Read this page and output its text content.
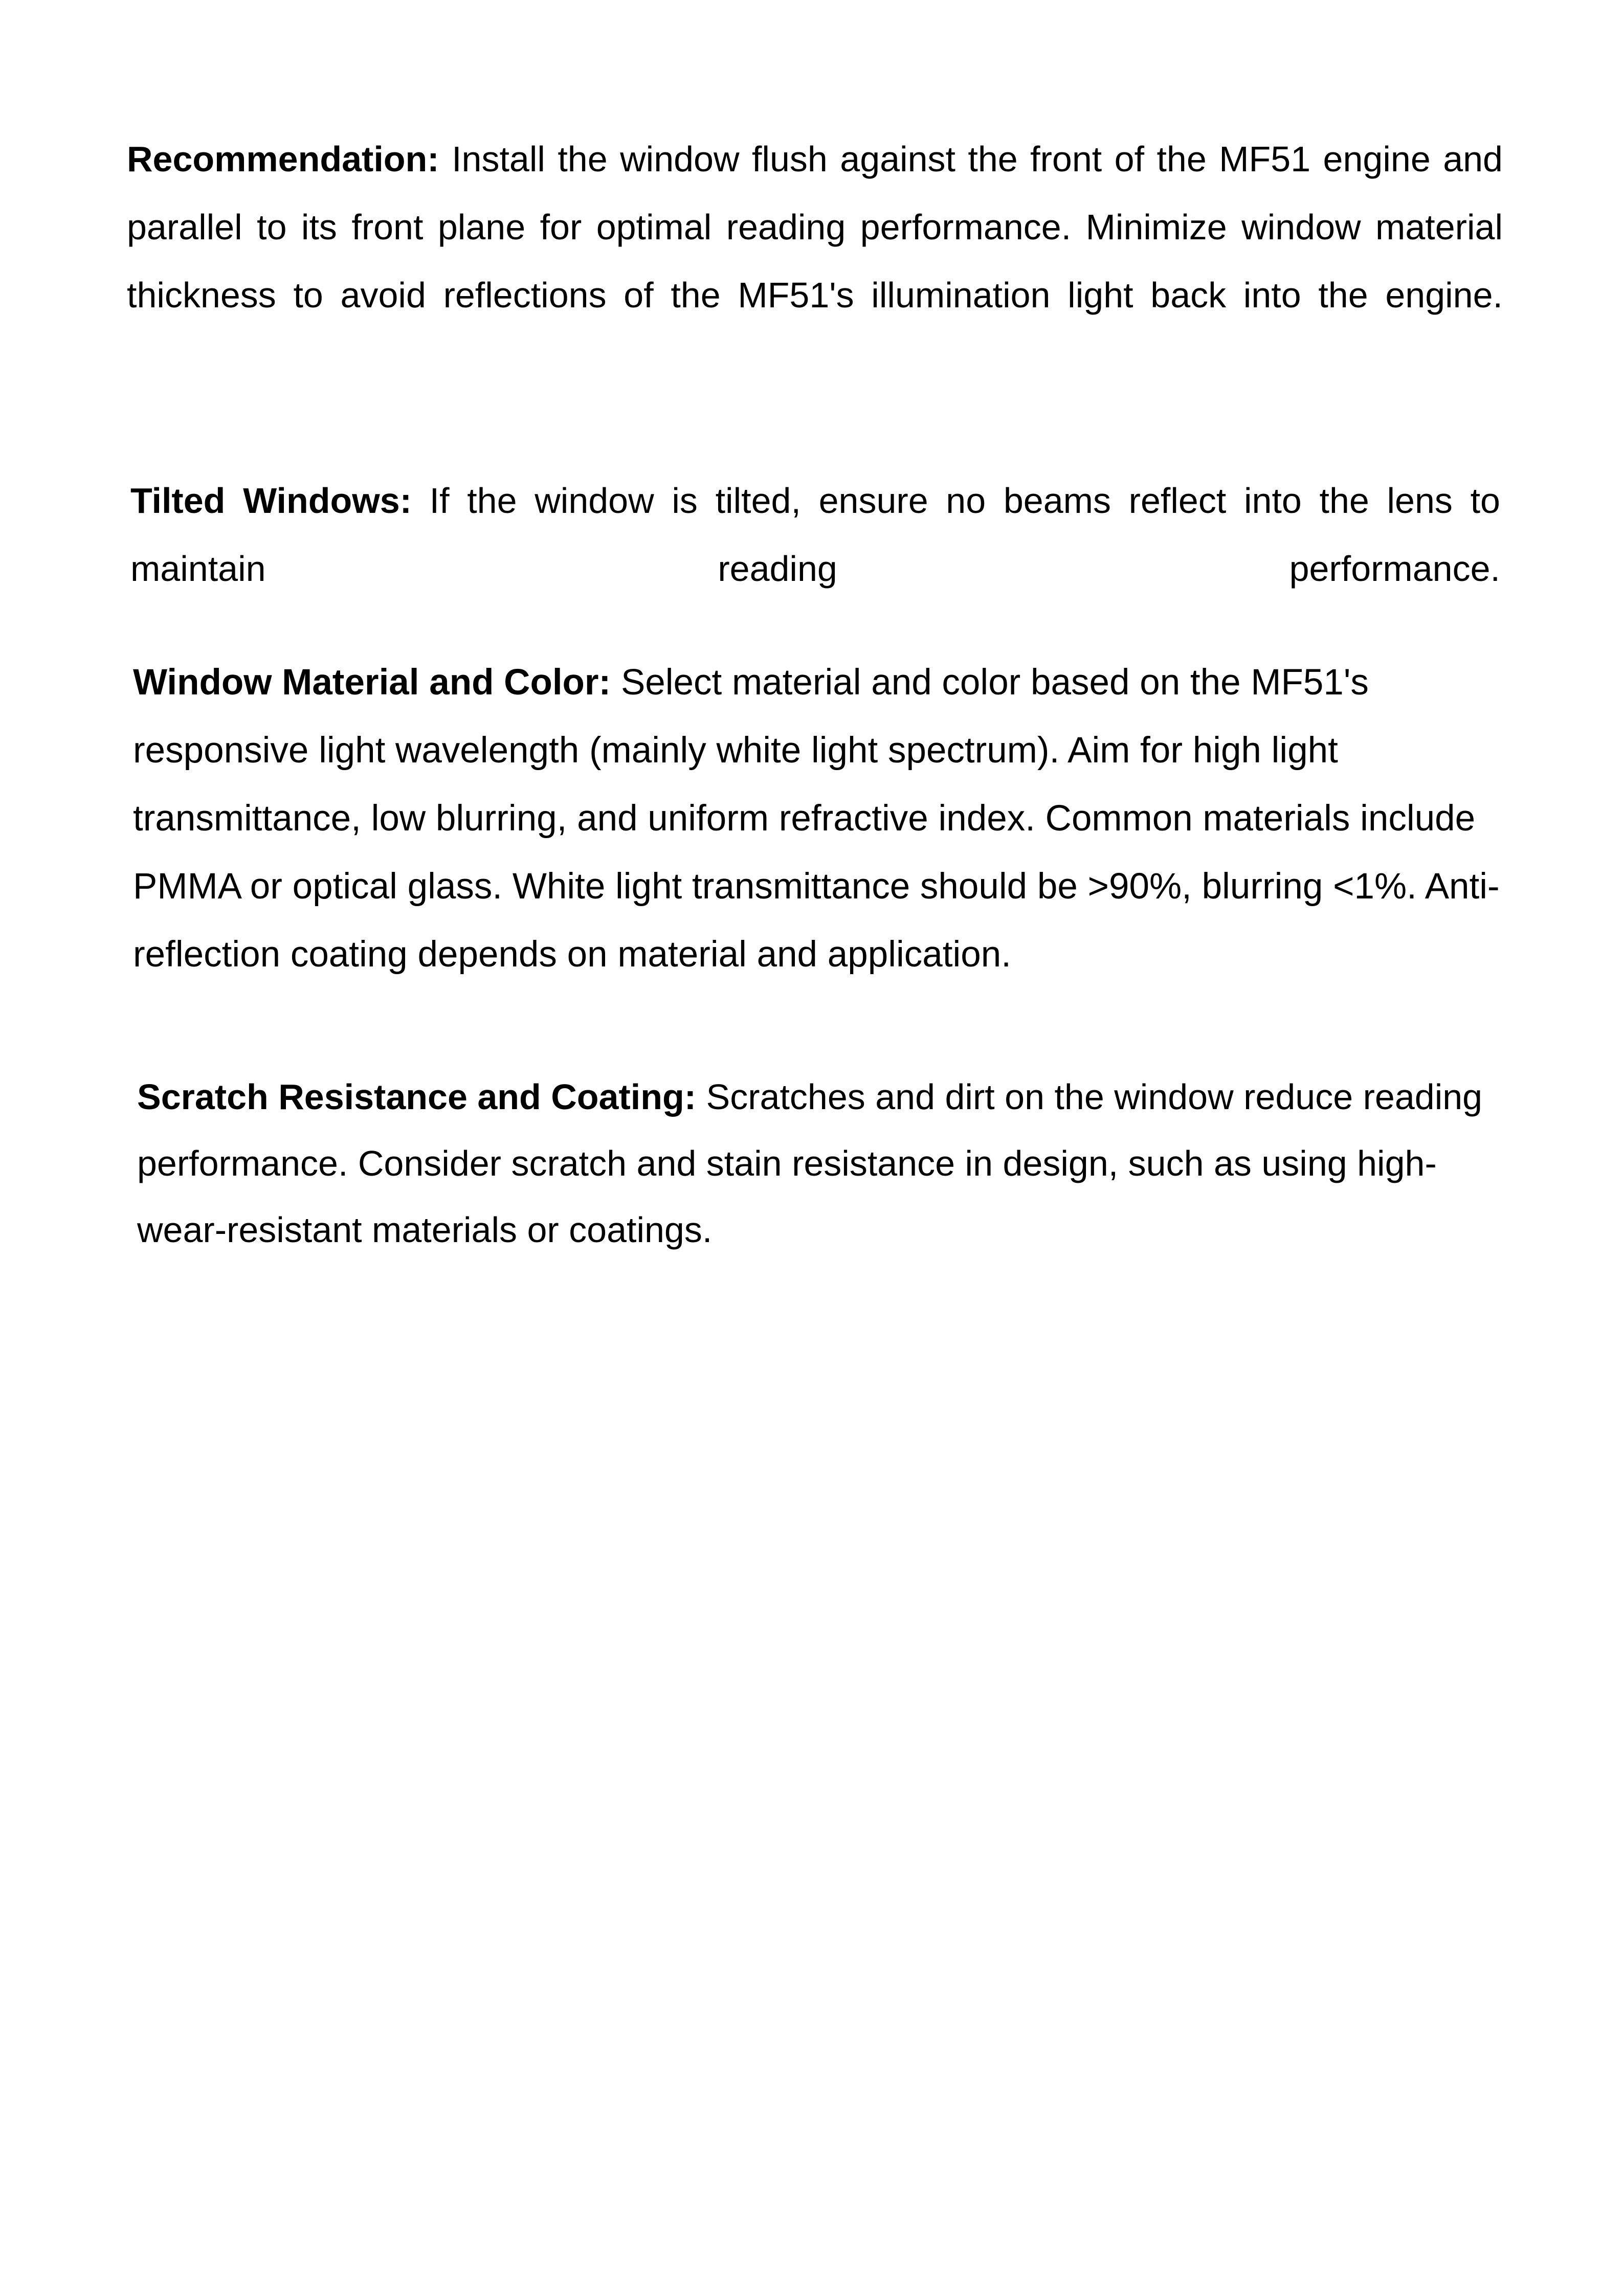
Recommendation: Install the window flush against the front of the MF51 engine and parallel to its front plane for optimal reading performance. Minimize window material thickness to avoid reflections of the MF51's illumination light back into the engine.

Tilted Windows: If the window is tilted, ensure no beams reflect into the lens to maintain reading performance.

Window Material and Color: Select material and color based on the MF51's responsive light wavelength (mainly white light spectrum). Aim for high light transmittance, low blurring, and uniform refractive index. Common materials include PMMA or optical glass. White light transmittance should be >90%, blurring <1%. Anti-reflection coating depends on material and application.

Scratch Resistance and Coating: Scratches and dirt on the window reduce reading performance. Consider scratch and stain resistance in design, such as using high-wear-resistant materials or coatings.
